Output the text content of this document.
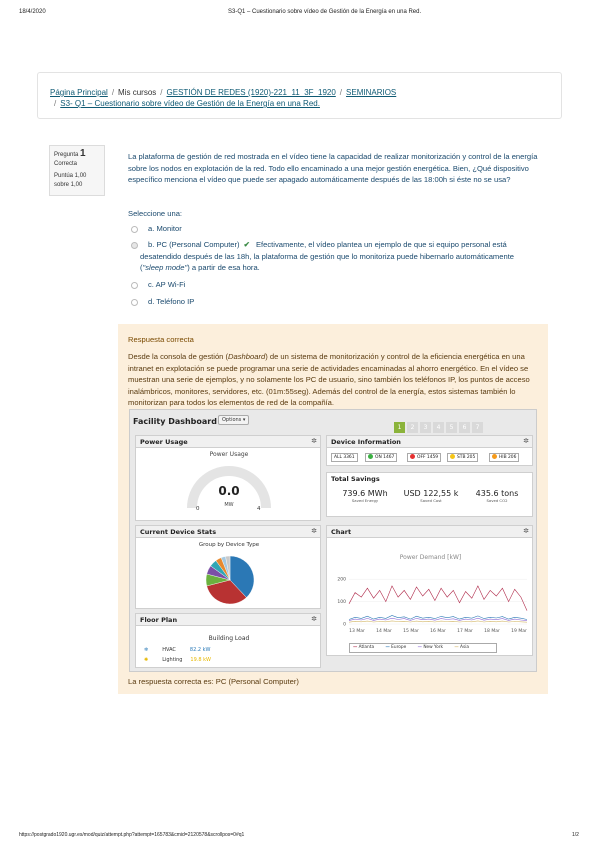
18/4/2020	S3-Q1 – Cuestionario sobre vídeo de Gestión de la Energía en una Red.
Página Principal / Mis cursos / GESTIÓN DE REDES (1920)-221_11_3F_1920 / SEMINARIOS
/ S3- Q1 – Cuestionario sobre vídeo de Gestión de la Energía en una Red.
Pregunta 1
Correcta

Puntúa 1,00 sobre 1,00
La plataforma de gestión de red mostrada en el vídeo tiene la capacidad de realizar monitorización y control de la energía sobre los nodos en explotación de la red. Todo ello encaminado a una mejor gestión energética. Bien, ¿Qué dispositivo específico menciona el vídeo que puede ser apagado automáticamente después de las 18:00h si éste no se usa?
Seleccione una:
a. Monitor
b. PC (Personal Computer) ✔ Efectivamente, el vídeo plantea un ejemplo de que si equipo personal está
desatendido después de las 18h, la plataforma de gestión que lo monitoriza puede hibernarlo automáticamente
("sleep mode") a partir de esa hora.
c. AP Wi-Fi
d. Teléfono IP
Respuesta correcta
Desde la consola de gestión (Dashboard) de un sistema de monitorización y control de la eficiencia energética en una intranet en explotación se puede programar una serie de actividades encaminadas al ahorro energético. En el vídeo se muestran una serie de ejemplos, y no solamente los PC de usuario, sino también los teléfonos IP, los puntos de acceso inalámbricos, monitores, servidores, etc. (01m:55seg). Además del control de la energía, estos sistemas también lo monitorizan para todos los elementos de red de la compañía.
Facility Dashboard	Options ▾
1 2 3 4 5 6 7
Power Usage	✲
Power Usage
0.0
MW
0	4
Device Information	✲
ALL 3361	ON 1467	OFF 1459	STB 205	HIB 206
Total Savings
739.6 MWh
Saved Energy
USD 122,55 k
Saved Cost
435.6 tons
Saved CO2
Current Device Stats	✲
Group by Device Type
Chart	✲
Power Demand [kW]
200
100
0
13 Mar	14 Mar	15 Mar	16 Mar	17 Mar	18 Mar	19 Mar
— Atlanta	— Europe	— New York	— Asia
Floor Plan	✲
Building Load
❄	HVAC	82.2 kW
✺	Lighting 19.8 kW
La respuesta correcta es: PC (Personal Computer)
https://postgrado1920.ugr.es/mod/quiz/attempt.php?attempt=165783&cmid=2120578&scrollpos=0#q1	1/2
